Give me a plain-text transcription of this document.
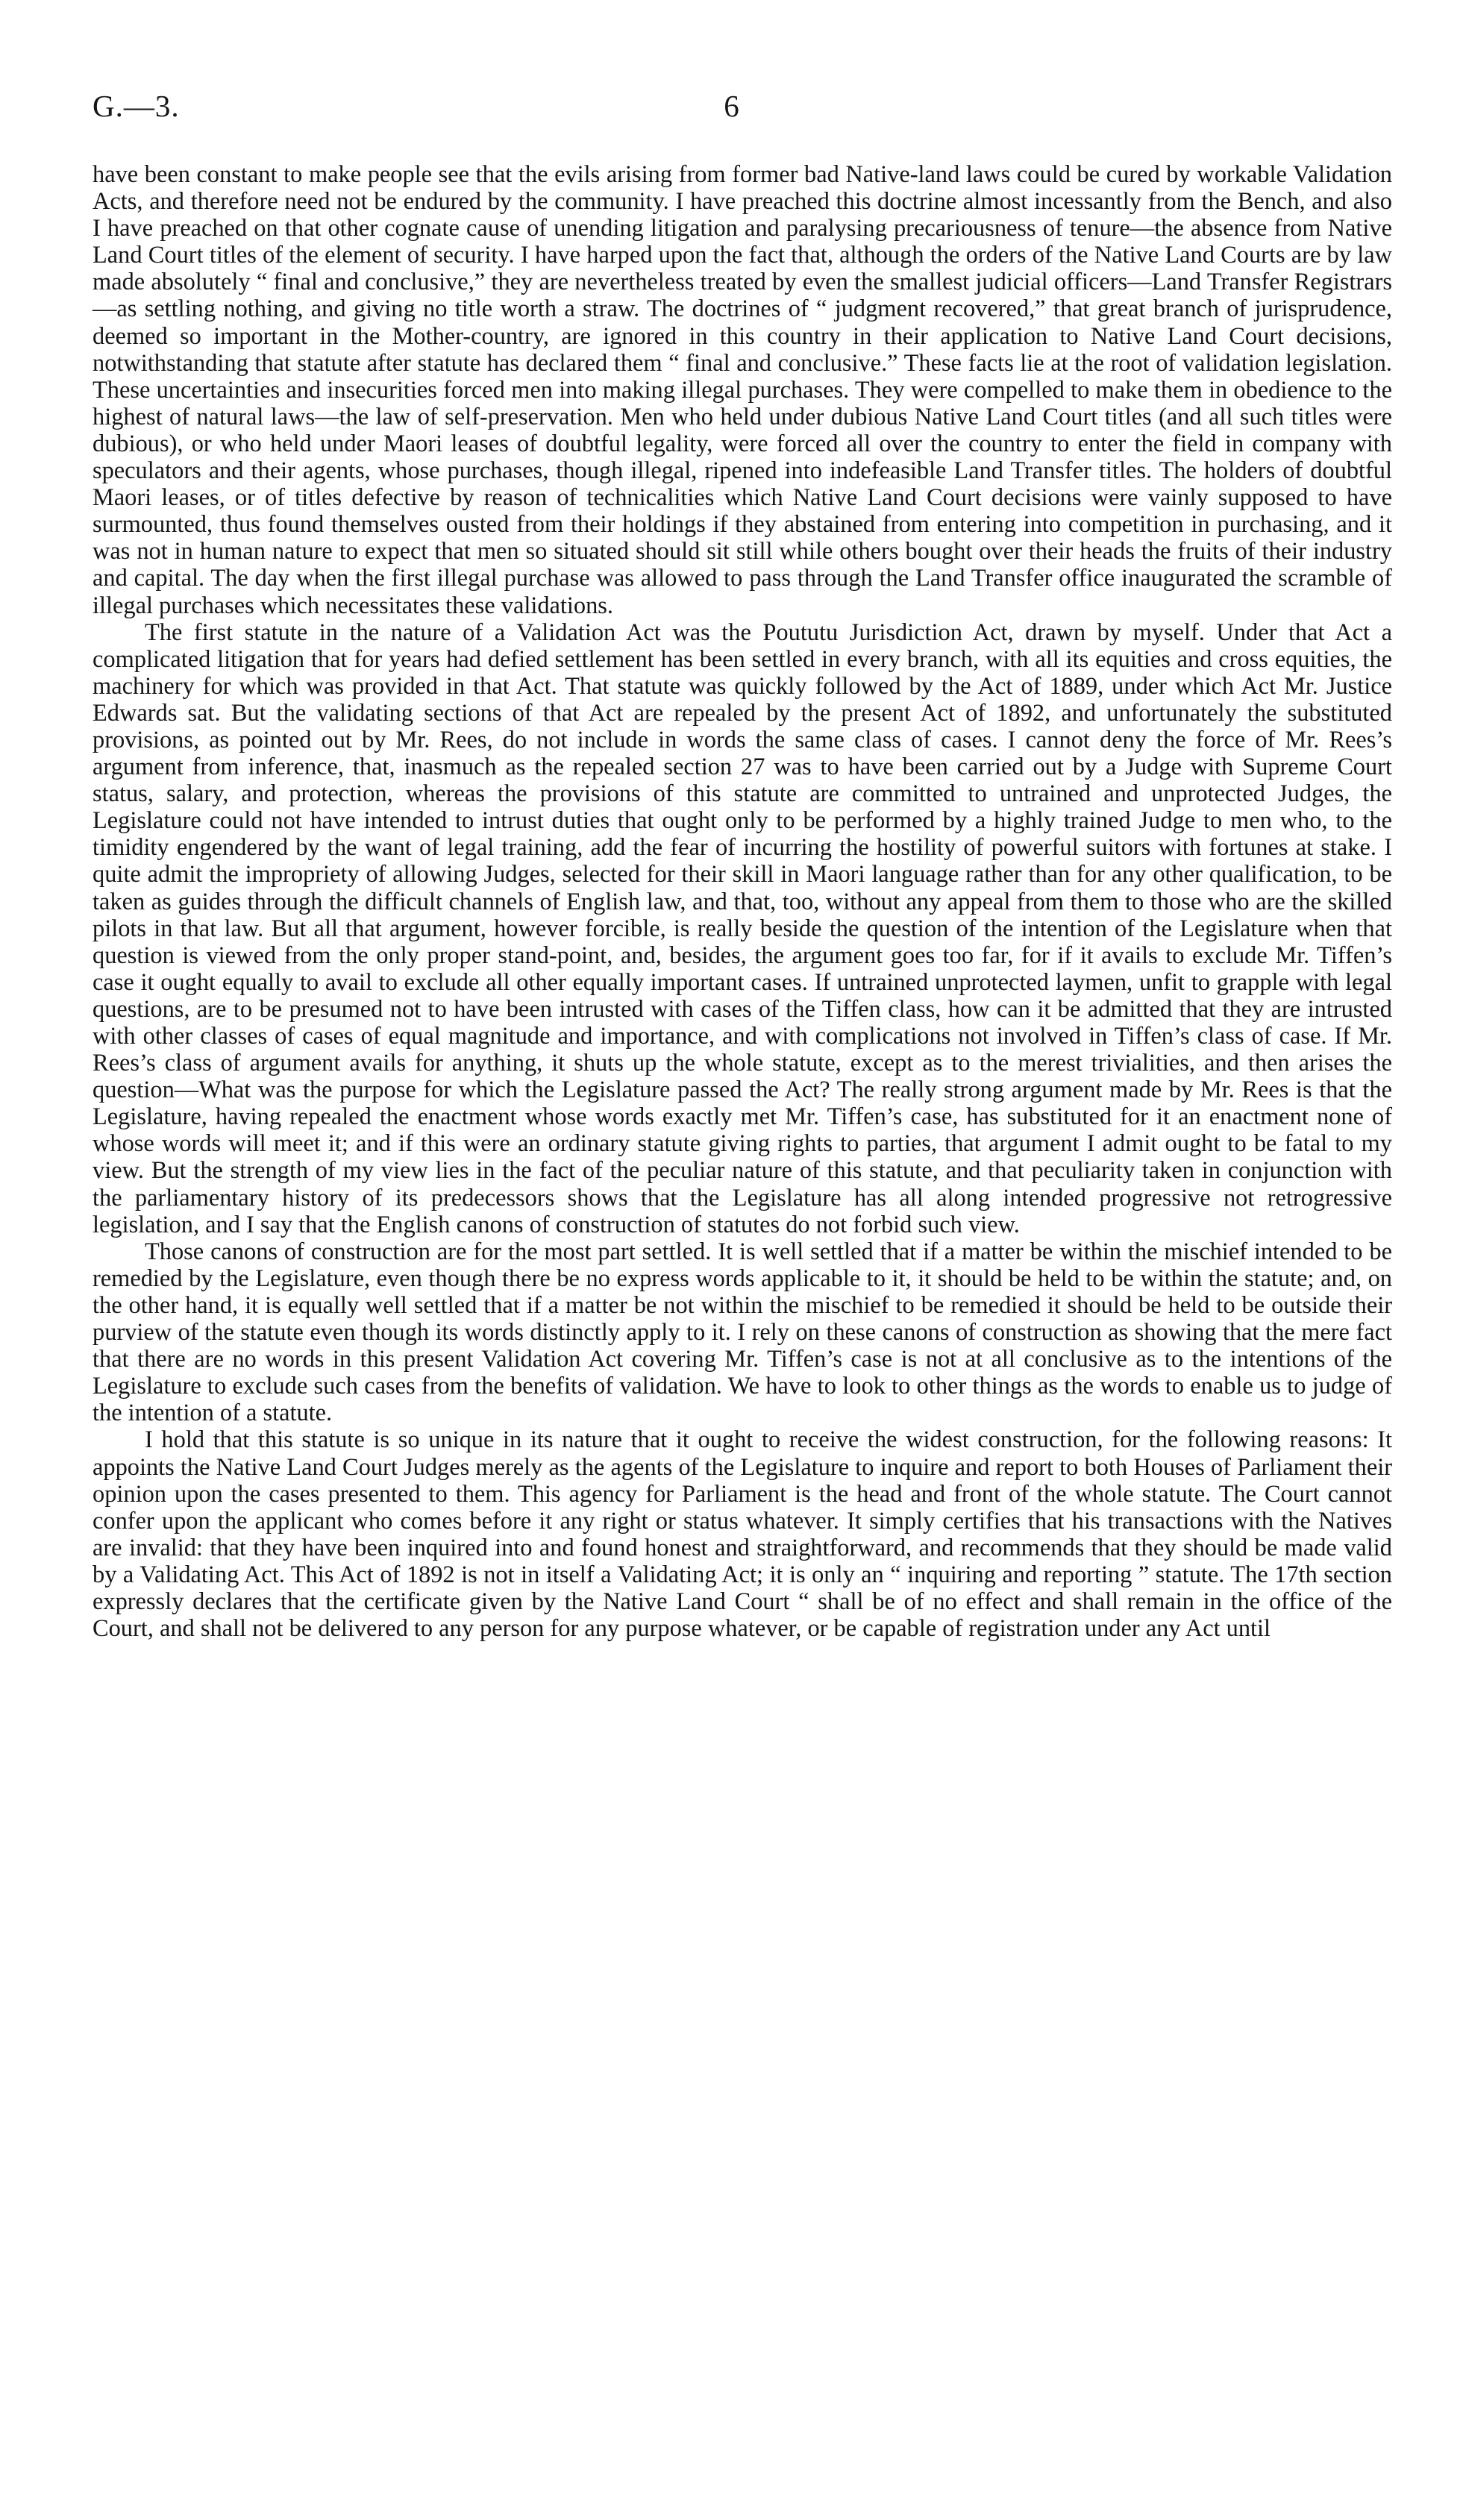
G.—3.	6

have been constant to make people see that the evils arising from former bad Native-land laws could be cured by workable Validation Acts, and therefore need not be endured by the community. I have preached this doctrine almost incessantly from the Bench, and also I have preached on that other cognate cause of unending litigation and paralysing precariousness of tenure—the absence from Native Land Court titles of the element of security. I have harped upon the fact that, although the orders of the Native Land Courts are by law made absolutely “ final and conclusive,” they are nevertheless treated by even the smallest judicial officers—Land Transfer Registrars—as settling nothing, and giving no title worth a straw. The doctrines of “ judgment recovered,” that great branch of jurisprudence, deemed so important in the Mother-country, are ignored in this country in their application to Native Land Court decisions, notwithstanding that statute after statute has declared them “ final and conclusive.” These facts lie at the root of validation legislation. These uncertainties and insecurities forced men into making illegal purchases. They were compelled to make them in obedience to the highest of natural laws—the law of self-preservation. Men who held under dubious Native Land Court titles (and all such titles were dubious), or who held under Maori leases of doubtful legality, were forced all over the country to enter the field in company with speculators and their agents, whose purchases, though illegal, ripened into indefeasible Land Transfer titles. The holders of doubtful Maori leases, or of titles defective by reason of technicalities which Native Land Court decisions were vainly supposed to have surmounted, thus found themselves ousted from their holdings if they abstained from entering into competition in purchasing, and it was not in human nature to expect that men so situated should sit still while others bought over their heads the fruits of their industry and capital. The day when the first illegal purchase was allowed to pass through the Land Transfer office inaugurated the scramble of illegal purchases which necessitates these validations.

The first statute in the nature of a Validation Act was the Poututu Jurisdiction Act, drawn by myself. Under that Act a complicated litigation that for years had defied settlement has been settled in every branch, with all its equities and cross equities, the machinery for which was provided in that Act. That statute was quickly followed by the Act of 1889, under which Act Mr. Justice Edwards sat. But the validating sections of that Act are repealed by the present Act of 1892, and unfortunately the substituted provisions, as pointed out by Mr. Rees, do not include in words the same class of cases. I cannot deny the force of Mr. Rees’s argument from inference, that, inasmuch as the repealed section 27 was to have been carried out by a Judge with Supreme Court status, salary, and protection, whereas the provisions of this statute are committed to untrained and unprotected Judges, the Legislature could not have intended to intrust duties that ought only to be performed by a highly trained Judge to men who, to the timidity engendered by the want of legal training, add the fear of incurring the hostility of powerful suitors with fortunes at stake. I quite admit the impropriety of allowing Judges, selected for their skill in Maori language rather than for any other qualification, to be taken as guides through the difficult channels of English law, and that, too, without any appeal from them to those who are the skilled pilots in that law. But all that argument, however forcible, is really beside the question of the intention of the Legislature when that question is viewed from the only proper stand-point, and, besides, the argument goes too far, for if it avails to exclude Mr. Tiffen’s case it ought equally to avail to exclude all other equally important cases. If untrained unprotected laymen, unfit to grapple with legal questions, are to be presumed not to have been intrusted with cases of the Tiffen class, how can it be admitted that they are intrusted with other classes of cases of equal magnitude and importance, and with complications not involved in Tiffen’s class of case. If Mr. Rees’s class of argument avails for anything, it shuts up the whole statute, except as to the merest trivialities, and then arises the question—What was the purpose for which the Legislature passed the Act? The really strong argument made by Mr. Rees is that the Legislature, having repealed the enactment whose words exactly met Mr. Tiffen’s case, has substituted for it an enactment none of whose words will meet it; and if this were an ordinary statute giving rights to parties, that argument I admit ought to be fatal to my view. But the strength of my view lies in the fact of the peculiar nature of this statute, and that peculiarity taken in conjunction with the parliamentary history of its predecessors shows that the Legislature has all along intended progressive not retrogressive legislation, and I say that the English canons of construction of statutes do not forbid such view.

Those canons of construction are for the most part settled. It is well settled that if a matter be within the mischief intended to be remedied by the Legislature, even though there be no express words applicable to it, it should be held to be within the statute; and, on the other hand, it is equally well settled that if a matter be not within the mischief to be remedied it should be held to be outside their purview of the statute even though its words distinctly apply to it. I rely on these canons of construction as showing that the mere fact that there are no words in this present Validation Act covering Mr. Tiffen’s case is not at all conclusive as to the intentions of the Legislature to exclude such cases from the benefits of validation. We have to look to other things as the words to enable us to judge of the intention of a statute.

I hold that this statute is so unique in its nature that it ought to receive the widest construction, for the following reasons: It appoints the Native Land Court Judges merely as the agents of the Legislature to inquire and report to both Houses of Parliament their opinion upon the cases presented to them. This agency for Parliament is the head and front of the whole statute. The Court cannot confer upon the applicant who comes before it any right or status whatever. It simply certifies that his transactions with the Natives are invalid: that they have been inquired into and found honest and straightforward, and recommends that they should be made valid by a Validating Act. This Act of 1892 is not in itself a Validating Act; it is only an “ inquiring and reporting ” statute. The 17th section expressly declares that the certificate given by the Native Land Court “ shall be of no effect and shall remain in the office of the Court, and shall not be delivered to any person for any purpose whatever, or be capable of registration under any Act until
